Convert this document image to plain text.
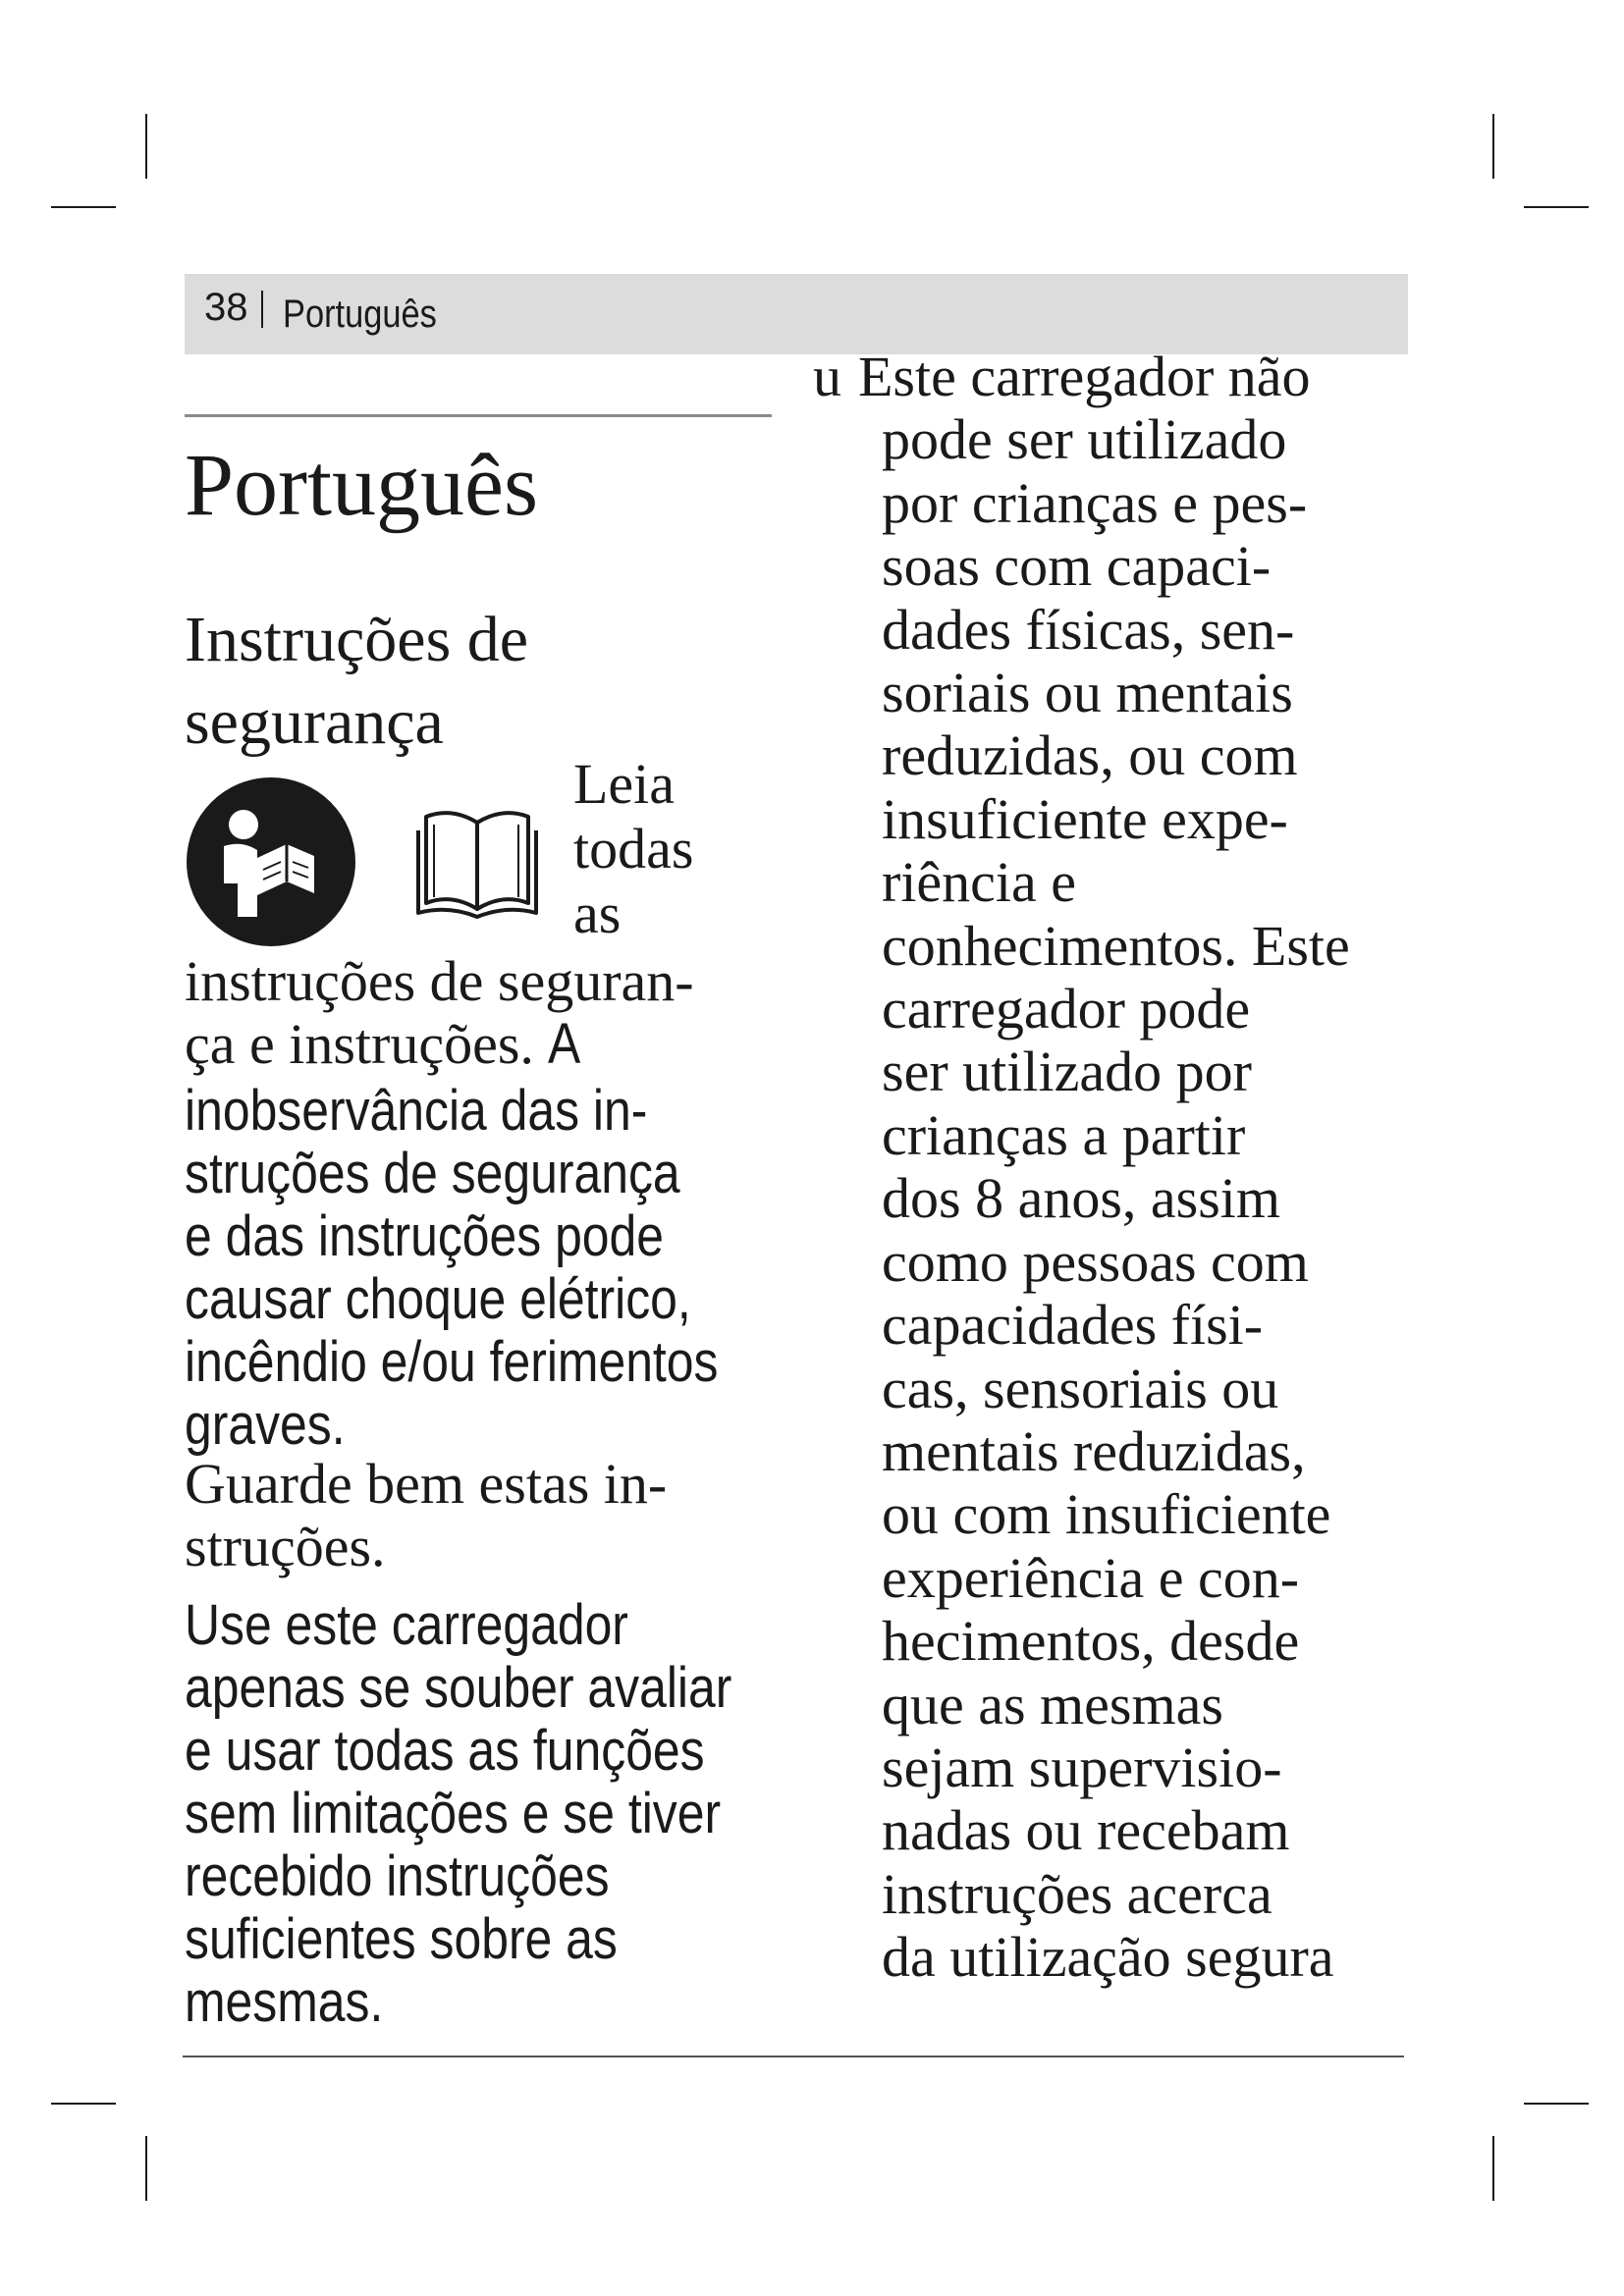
38 Português
Português
Instruções de
segurança
Leia
todas
as
instruções de seguran-
ça e instruções. A
inobservância das in-
struções de segurança
e das instruções pode
causar choque elétrico,
incêndio e/ou ferimentos
graves.
Guarde bem estas in-
struções.
Use este carregador
apenas se souber avaliar
e usar todas as funções
sem limitações e se tiver
recebido instruções
suficientes sobre as
mesmas.
u Este carregador não
pode ser utilizado
por crianças e pes-
soas com capaci-
dades físicas, sen-
soriais ou mentais
reduzidas, ou com
insuficiente expe-
riência e
conhecimentos. Este
carregador pode
ser utilizado por
crianças a partir
dos 8 anos, assim
como pessoas com
capacidades físi-
cas, sensoriais ou
mentais reduzidas,
ou com insuficiente
experiência e con-
hecimentos, desde
que as mesmas
sejam supervisio-
nadas ou recebam
instruções acerca
da utilização segura
